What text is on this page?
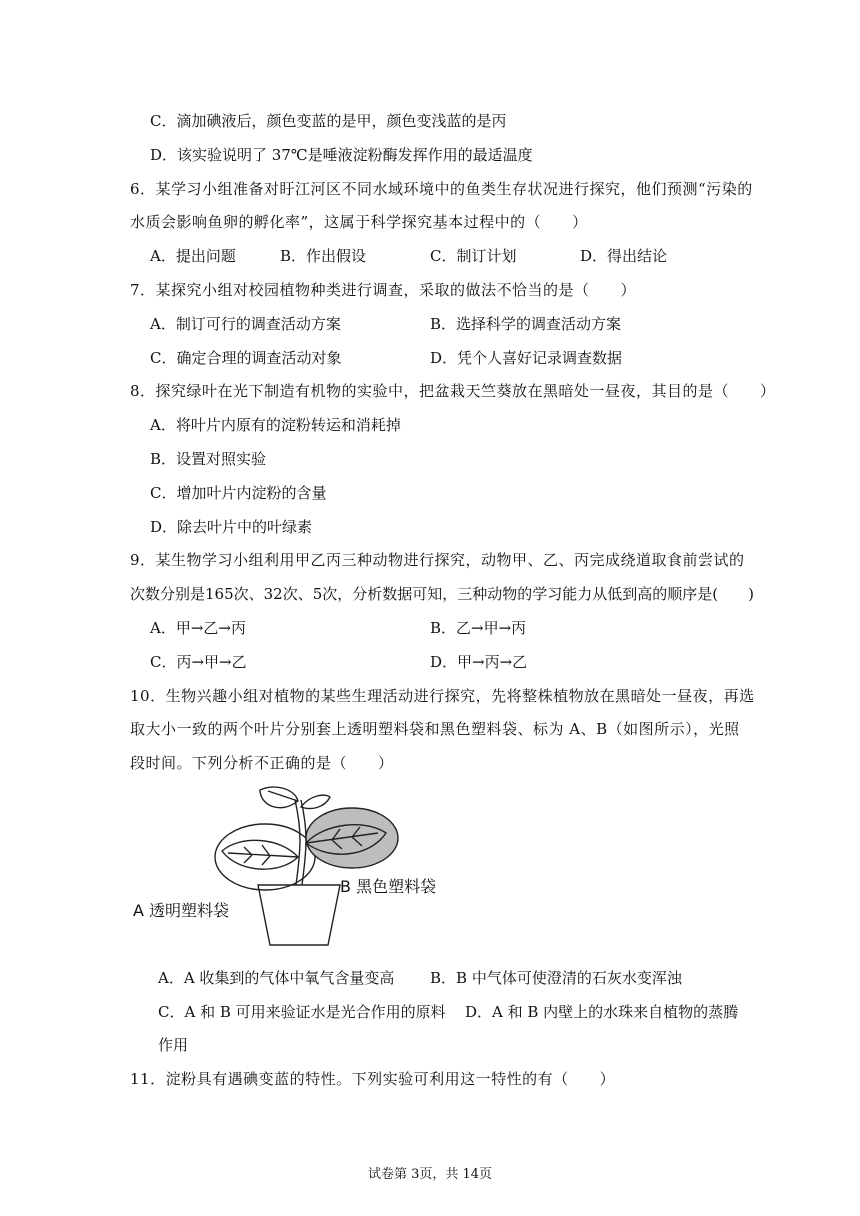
C．滴加碘液后，颜色变蓝的是甲，颜色变浅蓝的是丙
D．该实验说明了 37℃是唾液淀粉酶发挥作用的最适温度
6．某学习小组准备对盱江河区不同水域环境中的鱼类生存状况进行探究，他们预测“污染的
水质会影响鱼卵的孵化率”，这属于科学探究基本过程中的（　　）
A．提出问题	B．作出假设	C．制订计划	D．得出结论
7．某探究小组对校园植物种类进行调查，采取的做法不恰当的是（　　）
A．制订可行的调查活动方案	B．选择科学的调查活动方案
C．确定合理的调查活动对象	D．凭个人喜好记录调查数据
8．探究绿叶在光下制造有机物的实验中，把盆栽天竺葵放在黑暗处一昼夜，其目的是（　　）
A．将叶片内原有的淀粉转运和消耗掉
B．设置对照实验
C．增加叶片内淀粉的含量
D．除去叶片中的叶绿素
9．某生物学习小组利用甲乙丙三种动物进行探究，动物甲、乙、丙完成绕道取食前尝试的
次数分别是165次、32次、5次，分析数据可知，三种动物的学习能力从低到高的顺序是(　　)
A．甲→乙→丙	B．乙→甲→丙
C．丙→甲→乙	D．甲→丙→乙
10．生物兴趣小组对植物的某些生理活动进行探究，先将整株植物放在黑暗处一昼夜，再选
取大小一致的两个叶片分别套上透明塑料袋和黑色塑料袋、标为 A、B（如图所示），光照
段时间。下列分析不正确的是（　　）
B 黑色塑料袋
A 透明塑料袋
A．A 收集到的气体中氧气含量变高 B．B 中气体可使澄清的石灰水变浑浊
C．A 和 B 可用来验证水是光合作用的原料 D．A 和 B 内壁上的水珠来自植物的蒸腾
作用
11．淀粉具有遇碘变蓝的特性。下列实验可利用这一特性的有（　　）
试卷第 3页，共 14页
